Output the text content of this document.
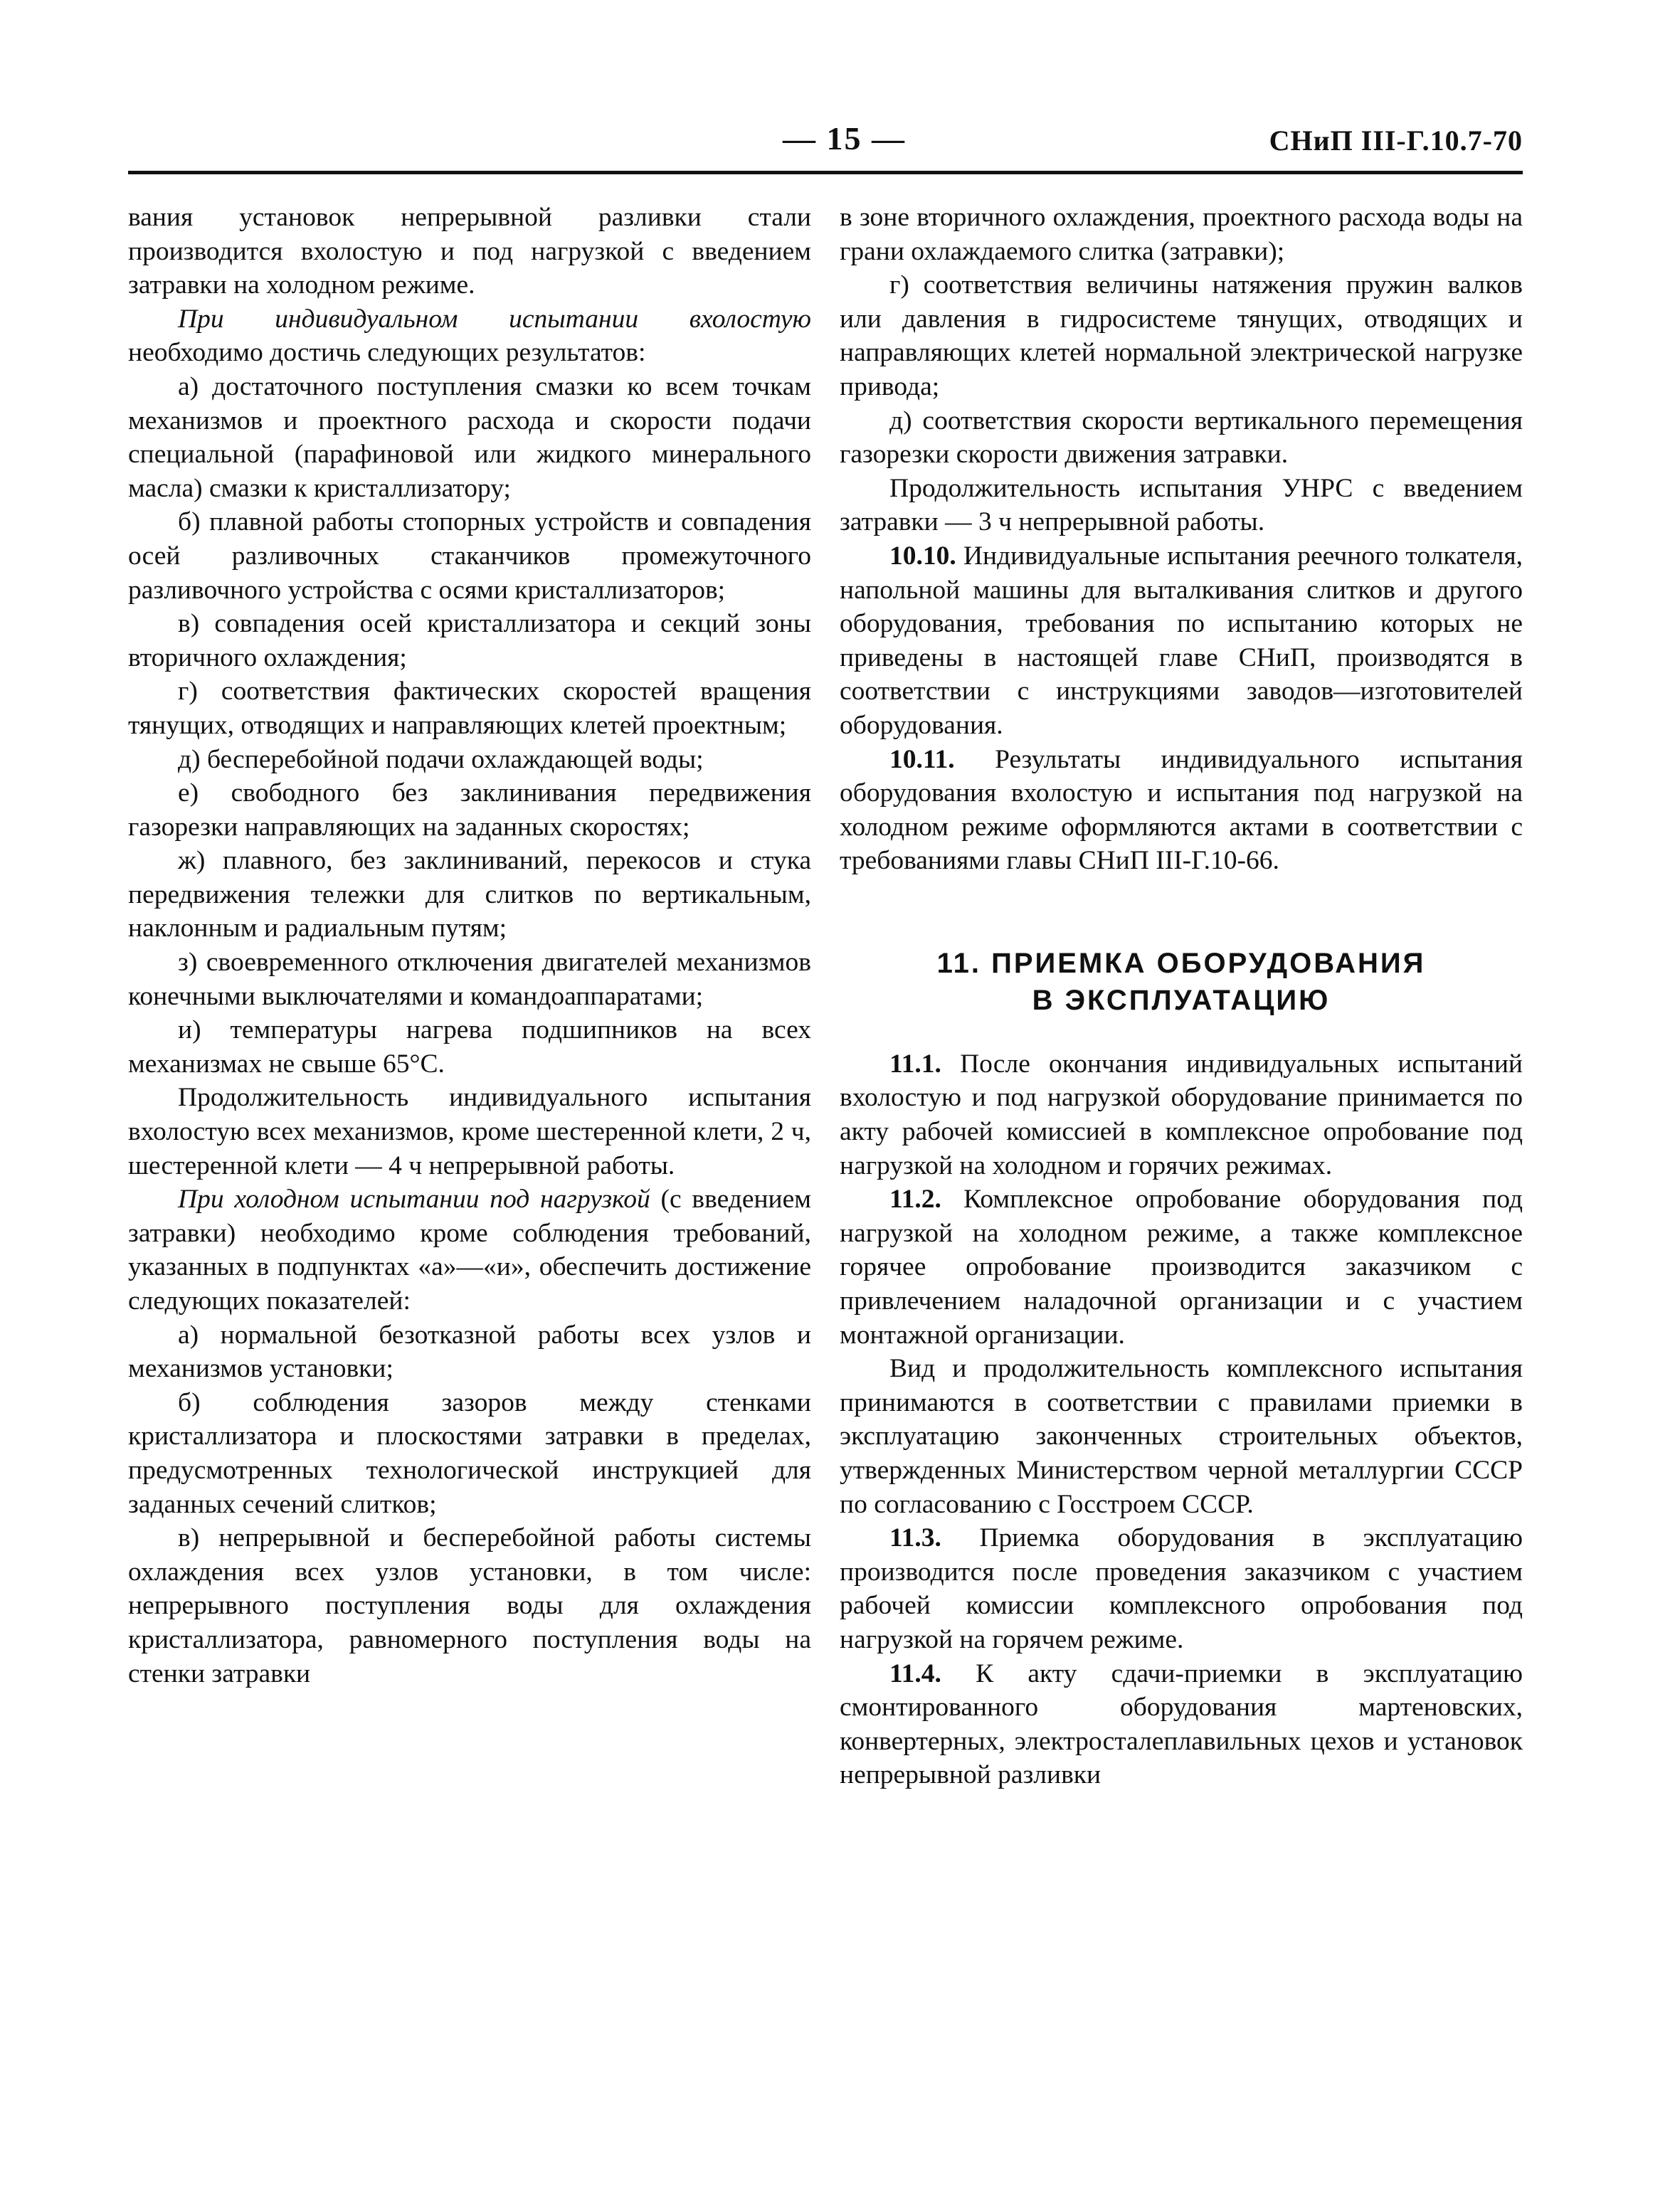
— 15 —	СНиП III-Г.10.7-70

вания установок непрерывной разливки стали производится вхолостую и под нагрузкой с введением затравки на холодном режиме.

При индивидуальном испытании вхолостую необходимо достичь следующих результатов:

а) достаточного поступления смазки ко всем точкам механизмов и проектного расхода и скорости подачи специальной (парафиновой или жидкого минерального масла) смазки к кристаллизатору;

б) плавной работы стопорных устройств и совпадения осей разливочных стаканчиков промежуточного разливочного устройства с осями кристаллизаторов;

в) совпадения осей кристаллизатора и секций зоны вторичного охлаждения;

г) соответствия фактических скоростей вращения тянущих, отводящих и направляющих клетей проектным;

д) бесперебойной подачи охлаждающей воды;

е) свободного без заклинивания передвижения газорезки направляющих на заданных скоростях;

ж) плавного, без заклиниваний, перекосов и стука передвижения тележки для слитков по вертикальным, наклонным и радиальным путям;

з) своевременного отключения двигателей механизмов конечными выключателями и командоаппаратами;

и) температуры нагрева подшипников на всех механизмах не свыше 65°С.

Продолжительность индивидуального испытания вхолостую всех механизмов, кроме шестеренной клети, 2 ч, шестеренной клети — 4 ч непрерывной работы.

При холодном испытании под нагрузкой (с введением затравки) необходимо кроме соблюдения требований, указанных в подпунктах «а»—«и», обеспечить достижение следующих показателей:

а) нормальной безотказной работы всех узлов и механизмов установки;

б) соблюдения зазоров между стенками кристаллизатора и плоскостями затравки в пределах, предусмотренных технологической инструкцией для заданных сечений слитков;

в) непрерывной и бесперебойной работы системы охлаждения всех узлов установки, в том числе: непрерывного поступления воды для охлаждения кристаллизатора, равномерного поступления воды на стенки затравки

в зоне вторичного охлаждения, проектного расхода воды на грани охлаждаемого слитка (затравки);

г) соответствия величины натяжения пружин валков или давления в гидросистеме тянущих, отводящих и направляющих клетей нормальной электрической нагрузке привода;

д) соответствия скорости вертикального перемещения газорезки скорости движения затравки.

Продолжительность испытания УНРС с введением затравки — 3 ч непрерывной работы.

10.10. Индивидуальные испытания реечного толкателя, напольной машины для выталкивания слитков и другого оборудования, требования по испытанию которых не приведены в настоящей главе СНиП, производятся в соответствии с инструкциями заводов—изготовителей оборудования.

10.11. Результаты индивидуального испытания оборудования вхолостую и испытания под нагрузкой на холодном режиме оформляются актами в соответствии с требованиями главы СНиП III-Г.10-66.

11. ПРИЕМКА ОБОРУДОВАНИЯ
В ЭКСПЛУАТАЦИЮ

11.1. После окончания индивидуальных испытаний вхолостую и под нагрузкой оборудование принимается по акту рабочей комиссией в комплексное опробование под нагрузкой на холодном и горячих режимах.

11.2. Комплексное опробование оборудования под нагрузкой на холодном режиме, а также комплексное горячее опробование производится заказчиком с привлечением наладочной организации и с участием монтажной организации.

Вид и продолжительность комплексного испытания принимаются в соответствии с правилами приемки в эксплуатацию законченных строительных объектов, утвержденных Министерством черной металлургии СССР по согласованию с Госстроем СССР.

11.3. Приемка оборудования в эксплуатацию производится после проведения заказчиком с участием рабочей комиссии комплексного опробования под нагрузкой на горячем режиме.

11.4. К акту сдачи-приемки в эксплуатацию смонтированного оборудования мартеновских, конвертерных, электросталеплавильных цехов и установок непрерывной разливки
